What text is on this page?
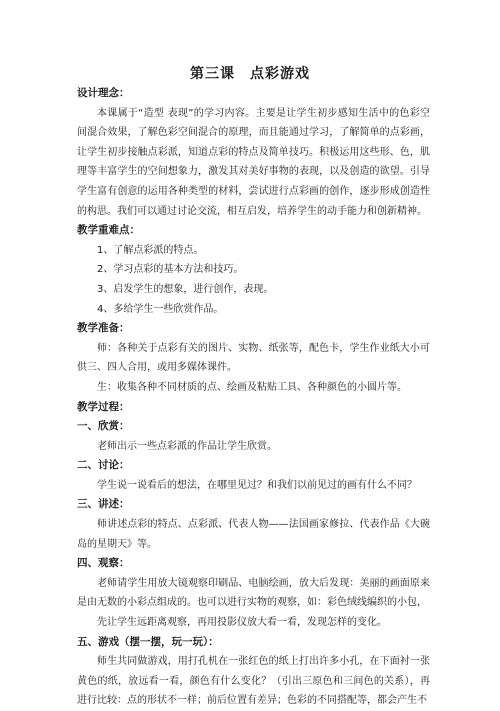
第三课　点彩游戏
设计理念：

本课属于“造型 表现”的学习内容。主要是让学生初步感知生活中的色彩空间混合效果，了解色彩空间混合的原理，而且能通过学习，了解简单的点彩画，让学生初步接触点彩派，知道点彩的特点及简单技巧。积极运用这些形、色，肌理等丰富学生的空间想象力，激发其对美好事物的表现，以及创造的欲望。引导学生富有创意的运用各种类型的材料，尝试进行点彩画的创作，逐步形成创造性的构思。我们可以通过讨论交流，相互启发，培养学生的动手能力和创新精神。

教学重难点：
1、了解点彩派的特点。
2、学习点彩的基本方法和技巧。
3、启发学生的想象，进行创作，表现。
4、多给学生一些欣赏作品。
教学准备：

师：各种关于点彩有关的图片、实物、纸张等，配色卡，学生作业纸大小可供三、四人合用，或用多媒体课件。

生：收集各种不同材质的点、绘画及粘贴工具、各种颜色的小圆片等。

教学过程：
一、欣赏：

老师出示一些点彩派的作品让学生欣赏。

二、讨论：

学生说一说看后的想法，在哪里见过？和我们以前见过的画有什么不同？

三、讲述：

师讲述点彩的特点、点彩派、代表人物——法国画家修拉、代表作品《大碗岛的星期天》等。

四、观察：

老师请学生用放大镜观察印刷品、电脑绘画，放大后发现：美丽的画面原来是由无数的小彩点组成的。也可以进行实物的观察，如：彩色绒线编织的小包，

先让学生远距离观察，再用投影仪放大看一看，发现怎样的变化。

五、游戏（摆一摆，玩一玩）：

师生共同做游戏，用打孔机在一张红色的纸上打出许多小孔，在下面衬一张黄色的纸，放远看一看，颜色有什么变化？（引出三原色和三间色的关系），再进行比较：点的形状不一样；前后位置有差异；色彩的不同搭配等，都会产生不
